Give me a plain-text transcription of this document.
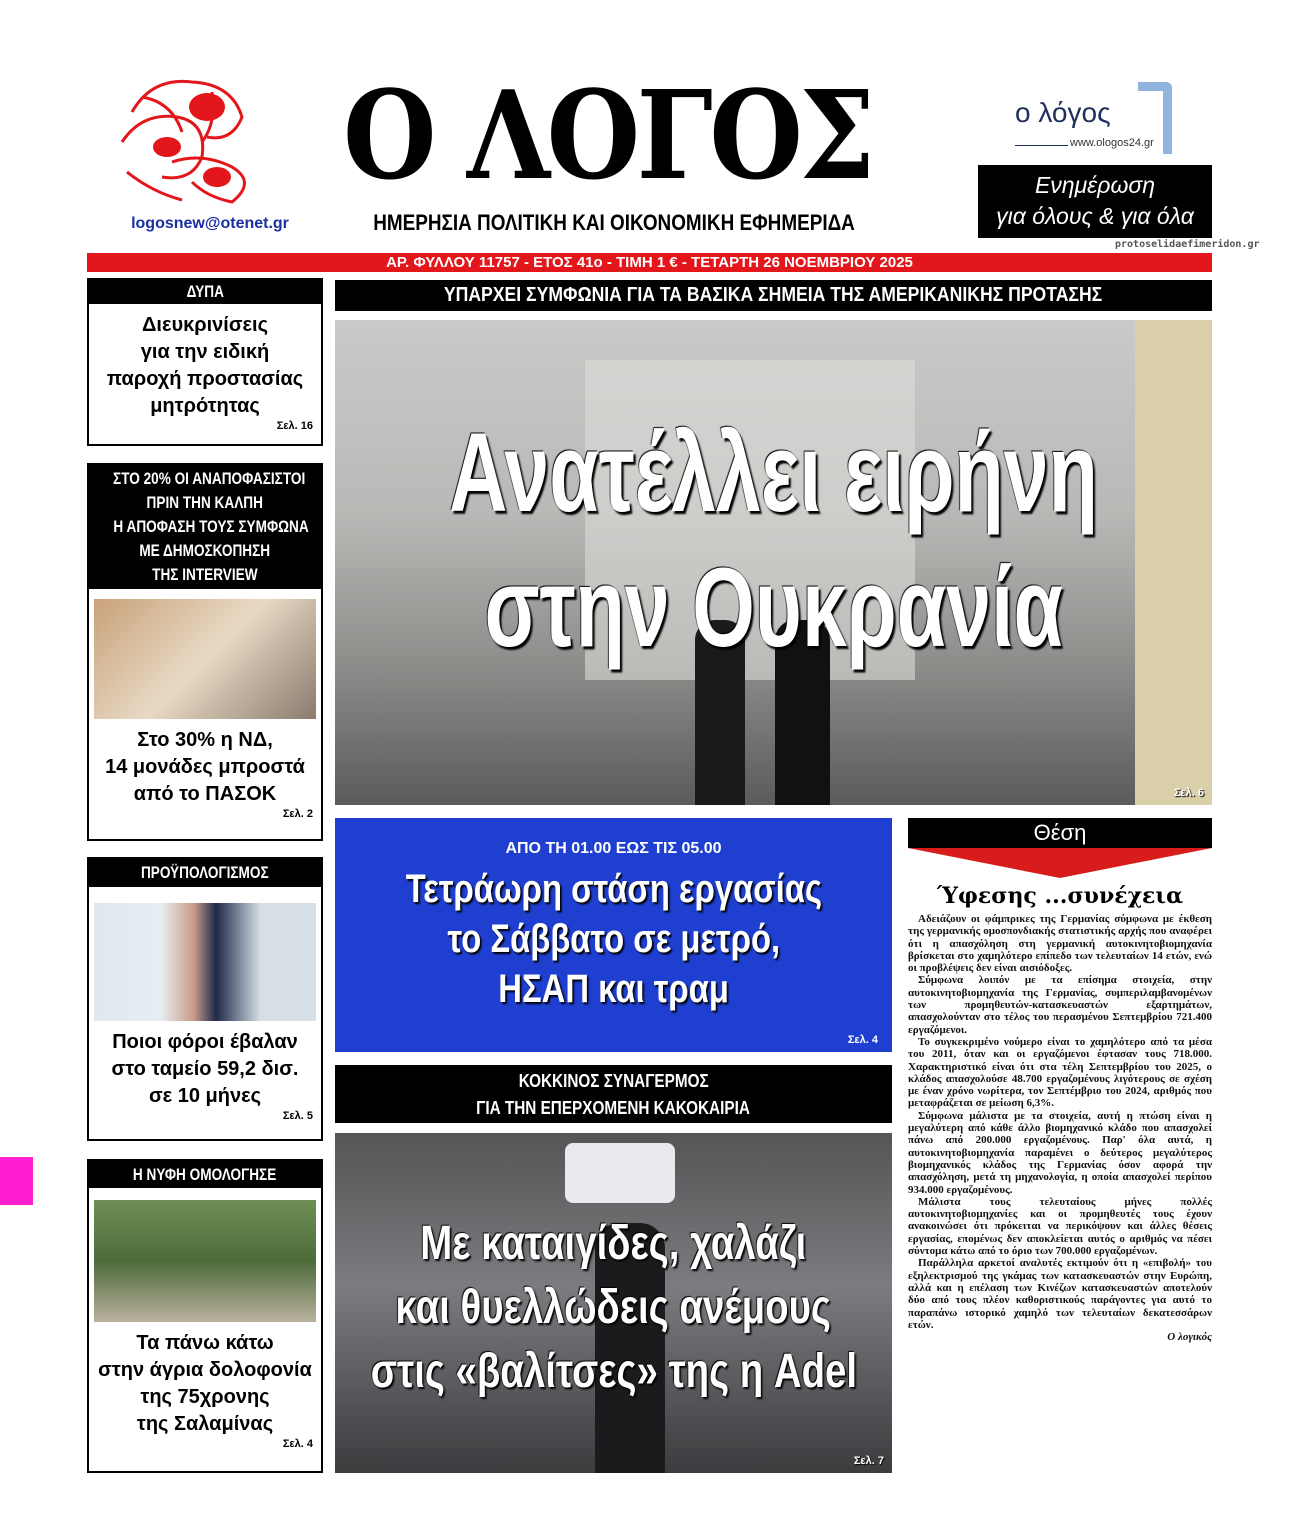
logosnew@otenet.gr
Ο ΛΟΓΟΣ
ΗΜΕΡΗΣΙΑ ΠΟΛΙΤΙΚΗ ΚΑΙ ΟΙΚΟΝΟΜΙΚΗ ΕΦΗΜΕΡΙΔΑ
ο λόγος
www.ologos24.gr
Ενημέρωση
για όλους & για όλα
protoselidaefimeridon.gr
ΑΡ. ΦΥΛΛΟΥ 11757 - ΕΤΟΣ 41ο - ΤΙΜΗ 1 € - ΤΕΤΑΡΤΗ 26 ΝΟΕΜΒΡΙΟΥ 2025
ΔΥΠΑ
Διευκρινίσεις
για την ειδική
παροχή προστασίας
μητρότητας
Σελ. 16
ΣΤΟ 20% ΟΙ ΑΝΑΠΟΦΑΣΙΣΤΟΙ
ΠΡΙΝ ΤΗΝ ΚΑΛΠΗ
Η ΑΠΟΦΑΣΗ ΤΟΥΣ ΣΥΜΦΩΝΑ
ΜΕ ΔΗΜΟΣΚΟΠΗΣΗ
ΤΗΣ INTERVIEW
Στο 30% η ΝΔ,
14 μονάδες μπροστά
από το ΠΑΣΟΚ
Σελ. 2
ΠΡΟΫΠΟΛΟΓΙΣΜΟΣ
Ποιοι φόροι έβαλαν
στο ταμείο 59,2 δισ.
σε 10 μήνες
Σελ. 5
Η ΝΥΦΗ ΟΜΟΛΟΓΗΣΕ
Τα πάνω κάτω
στην άγρια δολοφονία
της 75χρονης
της Σαλαμίνας
Σελ. 4
ΥΠΑΡΧΕΙ ΣΥΜΦΩΝΙΑ ΓΙΑ ΤΑ ΒΑΣΙΚΑ ΣΗΜΕΙΑ ΤΗΣ ΑΜΕΡΙΚΑΝΙΚΗΣ ΠΡΟΤΑΣΗΣ
Σελ. 6
Ανατέλλει ειρήνη
στην Ουκρανία
ΑΠΟ ΤΗ 01.00 ΕΩΣ ΤΙΣ 05.00
Τετράωρη στάση εργασίας
το Σάββατο σε μετρό,
ΗΣΑΠ και τραμ
Σελ. 4
ΚΟΚΚΙΝΟΣ ΣΥΝΑΓΕΡΜΟΣ
ΓΙΑ ΤΗΝ ΕΠΕΡΧΟΜΕΝΗ ΚΑΚΟΚΑΙΡΙΑ
Σελ. 7
Με καταιγίδες, χαλάζι
και θυελλώδεις ανέμους
στις «βαλίτσες» της η Adel
Θέση
Ύφεσης ...συνέχεια

Αδειάζουν οι φάμπρικες της Γερμανίας σύμφωνα με έκθεση της γερμανικής ομοσπονδιακής στατιστικής αρχής που αναφέρει ότι η απασχόληση στη γερμανική αυτοκινητοβιομηχανία βρίσκεται στο χαμηλότερο επίπεδο των τελευταίων 14 ετών, ενώ οι προβλέψεις δεν είναι αισιόδοξες.

Σύμφωνα λοιπόν με τα επίσημα στοιχεία, στην αυτοκινητοβιομηχανία της Γερμανίας, συμπεριλαμβανομένων των προμηθευτών-κατασκευαστών εξαρτημάτων, απασχολούνταν στο τέλος του περασμένου Σεπτεμβρίου 721.400 εργαζόμενοι.

Το συγκεκριμένο νούμερο είναι το χαμηλότερο από τα μέσα του 2011, όταν και οι εργαζόμενοι έφτασαν τους 718.000. Χαρακτηριστικό είναι ότι στα τέλη Σεπτεμβρίου του 2025, ο κλάδος απασχολούσε 48.700 εργαζομένους λιγότερους σε σχέση με έναν χρόνο νωρίτερα, τον Σεπτέμβριο του 2024, αριθμός που μεταφράζεται σε μείωση 6,3%.

Σύμφωνα μάλιστα με τα στοιχεία, αυτή η πτώση είναι η μεγαλύτερη από κάθε άλλο βιομηχανικό κλάδο που απασχολεί πάνω από 200.000 εργαζομένους. Παρ' όλα αυτά, η αυτοκινητοβιομηχανία παραμένει ο δεύτερος μεγαλύτερος βιομηχανικός κλάδος της Γερμανίας όσον αφορά την απασχόληση, μετά τη μηχανολογία, η οποία απασχολεί περίπου 934.000 εργαζομένους.

Μάλιστα τους τελευταίους μήνες πολλές αυτοκινητοβιομηχανίες και οι προμηθευτές τους έχουν ανακοινώσει ότι πρόκειται να περικόψουν και άλλες θέσεις εργασίας, επομένως δεν αποκλείεται αυτός ο αριθμός να πέσει σύντομα κάτω από το όριο των 700.000 εργαζομένων.

Παράλληλα αρκετοί αναλυτές εκτιμούν ότι η «επιβολή» του εξηλεκτρισμού της γκάμας των κατασκευαστών στην Ευρώπη, αλλά και η επέλαση των Κινέζων κατασκευαστών αποτελούν δύο από τους πλέον καθοριστικούς παράγοντες για αυτό το παραπάνω ιστορικό χαμηλό των τελευταίων δεκατεσσάρων ετών.

Ο λογικός
